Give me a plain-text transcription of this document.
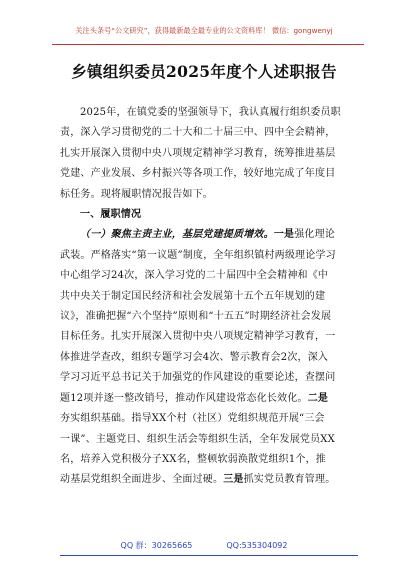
关注头条号“公文研究”，获得最新最全最专业的公文资料库！ 微信：gongwenyj
乡镇组织委员2025年度个人述职报告
2025年，在镇党委的坚强领导下，我认真履行组织委员职
责，深入学习贯彻党的二十大和二十届三中、四中全会精神，
扎实开展深入贯彻中央八项规定精神学习教育，统筹推进基层
党建、产业发展、乡村振兴等各项工作，较好地完成了年度目
标任务。现将履职情况报告如下。
一、履职情况
（一）聚焦主责主业，基层党建提质增效。一是强化理论
武装。严格落实“第一议题”制度，全年组织镇村两级理论学习
中心组学习24次，深入学习党的二十届四中全会精神和《中
共中央关于制定国民经济和社会发展第十五个五年规划的建
议》，准确把握“六个坚持”原则和“十五五”时期经济社会发展
目标任务。扎实开展深入贯彻中央八项规定精神学习教育，一
体推进学查改，组织专题学习会4次、警示教育会2次，深入
学习习近平总书记关于加强党的作风建设的重要论述，查摆问
题12项并逐一整改销号，推动作风建设常态化长效化。二是
夯实组织基础。指导XX个村（社区）党组织规范开展“三会
一课”、主题党日、组织生活会等组织生活，全年发展党员XX
名，培养入党积极分子XX名，整顿软弱涣散党组织1个，推
动基层党组织全面进步、全面过硬。三是抓实党员教育管理。
QQ 群：30265665	QQ:535304092
